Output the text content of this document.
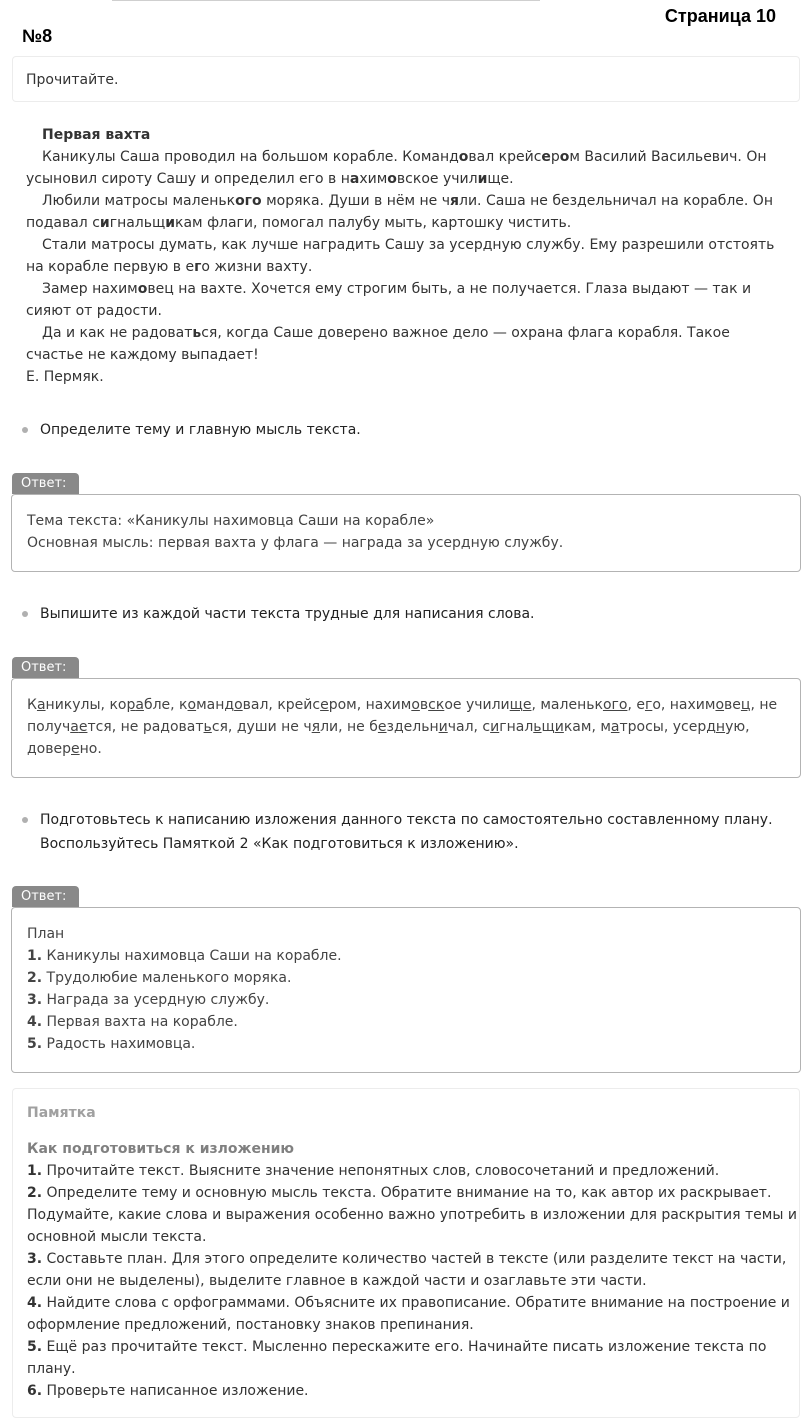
Страница 10
№8
Прочитайте.

Первая вахта

Каникулы Саша проводил на большом корабле. Командовал крейсером Василий Васильевич. Он усыновил сироту Сашу и определил его в нахимовское училище.

Любили матросы маленького моряка. Души в нём не чяли. Саша не бездельничал на корабле. Он подавал сигнальщикам флаги, помогал палубу мыть, картошку чистить.

Стали матросы думать, как лучше наградить Сашу за усердную службу. Ему разрешили отстоять на корабле первую в его жизни вахту.

Замер нахимовец на вахте. Хочется ему строгим быть, а не получается. Глаза выдают — так и сияют от радости.

Да и как не радоваться, когда Саше доверено важное дело — охрана флага корабля. Такое счастье не каждому выпадает!

Е. Пермяк.

Определите тему и главную мысль текста.
Ответ:

Тема текста: «Каникулы нахимовца Саши на корабле»

Основная мысль: первая вахта у флага — награда за усердную службу.

Выпишите из каждой части текста трудные для написания слова.
Ответ:

Каникулы, корабле, командовал, крейсером, нахимовское училище, маленького, его, нахимовец, не получается, не радоваться, души не чяли, не бездельничал, сигнальщикам, матросы, усердную, доверено.

Подготовьтесь к написанию изложения данного текста по самостоятельно составленному плану. Воспользуйтесь Памяткой 2 «Как подготовиться к изложению».
Ответ:

План

1. Каникулы нахимовца Саши на корабле.

2. Трудолюбие маленького моряка.

3. Награда за усердную службу.

4. Первая вахта на корабле.

5. Радость нахимовца.

Памятка

Как подготовиться к изложению

1. Прочитайте текст. Выясните значение непонятных слов, словосочетаний и предложений.

2. Определите тему и основную мысль текста. Обратите внимание на то, как автор их раскрывает. Подумайте, какие слова и выражения особенно важно употребить в изложении для раскрытия темы и основной мысли текста.

3. Составьте план. Для этого определите количество частей в тексте (или разделите текст на части, если они не выделены), выделите главное в каждой части и озаглавьте эти части.

4. Найдите слова с орфограммами. Объясните их правописание. Обратите внимание на построение и оформление предложений, постановку знаков препинания.

5. Ещё раз прочитайте текст. Мысленно перескажите его. Начинайте писать изложение текста по плану.

6. Проверьте написанное изложение.
